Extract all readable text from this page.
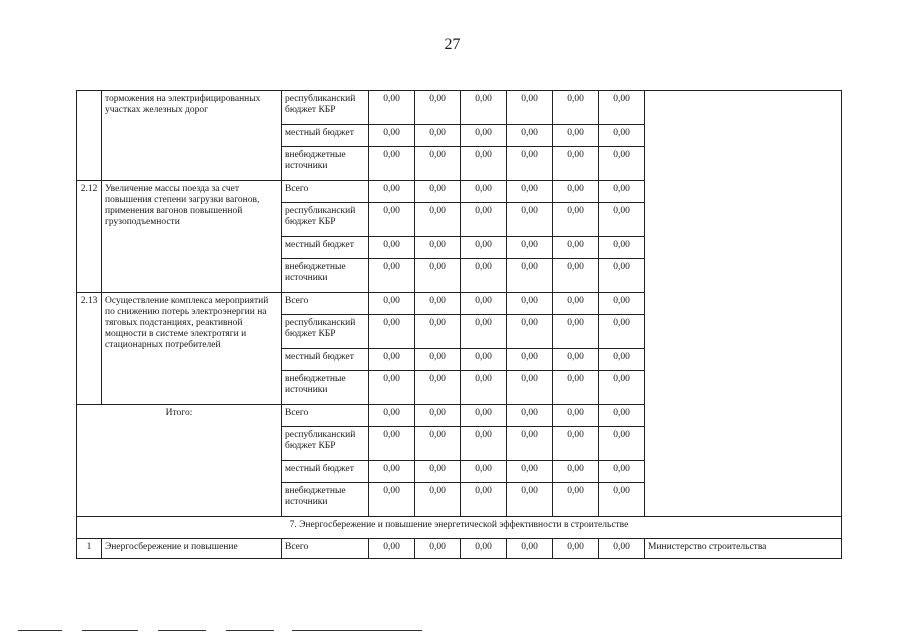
27
	торможения на электрифицированных участках железных дорог	республиканский бюджет КБР	0,00	0,00	0,00	0,00	0,00	0,00	
		местный бюджет	0,00	0,00	0,00	0,00	0,00	0,00	
		внебюджетные источники	0,00	0,00	0,00	0,00	0,00	0,00	
2.12	Увеличение массы поезда за счет повышения степени загрузки вагонов, применения вагонов повышенной грузоподъемности	Всего	0,00	0,00	0,00	0,00	0,00	0,00	
		республиканский бюджет КБР	0,00	0,00	0,00	0,00	0,00	0,00	
		местный бюджет	0,00	0,00	0,00	0,00	0,00	0,00	
		внебюджетные источники	0,00	0,00	0,00	0,00	0,00	0,00	
2.13	Осуществление комплекса мероприятий по снижению потерь электроэнергии на тяговых подстанциях, реактивной мощности в системе электротяги и стационарных потребителей	Всего	0,00	0,00	0,00	0,00	0,00	0,00	
		республиканский бюджет КБР	0,00	0,00	0,00	0,00	0,00	0,00	
		местный бюджет	0,00	0,00	0,00	0,00	0,00	0,00	
		внебюджетные источники	0,00	0,00	0,00	0,00	0,00	0,00	
Итого:		Всего	0,00	0,00	0,00	0,00	0,00	0,00	
		республиканский бюджет КБР	0,00	0,00	0,00	0,00	0,00	0,00	
		местный бюджет	0,00	0,00	0,00	0,00	0,00	0,00	
		внебюджетные источники	0,00	0,00	0,00	0,00	0,00	0,00	
7. Энергосбережение и повышение энергетической эффективности в строительстве									
1	Энергосбережение и повышение	Всего	0,00	0,00	0,00	0,00	0,00	0,00	Министерство строительства
